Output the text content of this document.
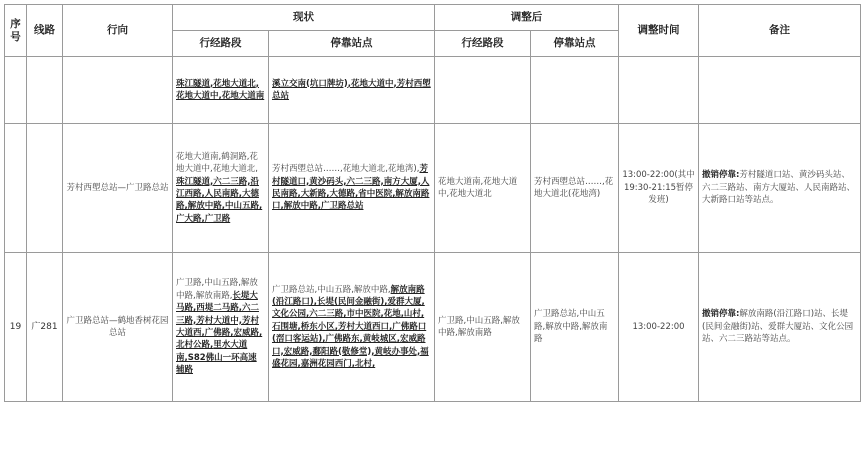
序号	线路	行向	现状		调整后		调整时间	备注
			行经路段	停靠站点	行经路段	停靠站点		

			珠江隧道,花地大道北,花地大道中,花地大道南	溪立交南(坑口牌坊),花地大道中,芳村西塱总站				

		芳村西塱总站—广卫路总站	花地大道南,鹤洞路,花地大道中,花地大道北,珠江隧道,六二三路,沿江西路,人民南路,大德路,解放中路,中山五路,广大路,广卫路	芳村西塱总站……,花地大道北,花地湾),芳村隧道口,黄沙码头,六二三路,南方大厦,人民南路,大新路,大德路,省中医院,解放南路口,解放中路,广卫路总站	花地大道南,花地大道中,花地大道北	芳村西塱总站……,花地大道北(花地湾)	13:00-22:00(其中19:30-21:15暂停发班)	撤销停靠:芳村隧道口站、黄沙码头站、六二三路站、南方大厦站、人民南路站、大新路口站等站点。
19	广281	广卫路总站—鹤地香树花园总站	广卫路,中山五路,解放中路,解放南路,长堤大马路,西堤二马路,六二三路,芳村大道中,芳村大道西,广佛路,宏威路,北村公路,里水大道南,S82佛山一环高速辅路	广卫路总站,中山五路,解放中路,解放南路(沿江路口),长堤(民间金融街),爱群大厦,文化公园,六二三路,市中医院,花地,山村,石围塘,桥东小区,芳村大道西口,广佛路口(滘口客运站),广佛路东,黄岐城区,宏威路口,宏威路,鄱阳路(敬修堂),黄岐办事处,福盛花园,嘉洲花园西门,北村,	广卫路,中山五路,解放中路,解放南路	广卫路总站,中山五路,解放中路,解放南路	13:00-22:00	撤销停靠:解放南路(沿江路口)站、长堤(民间金融街)站、爱群大厦站、文化公园站、六二三路站等站点。
